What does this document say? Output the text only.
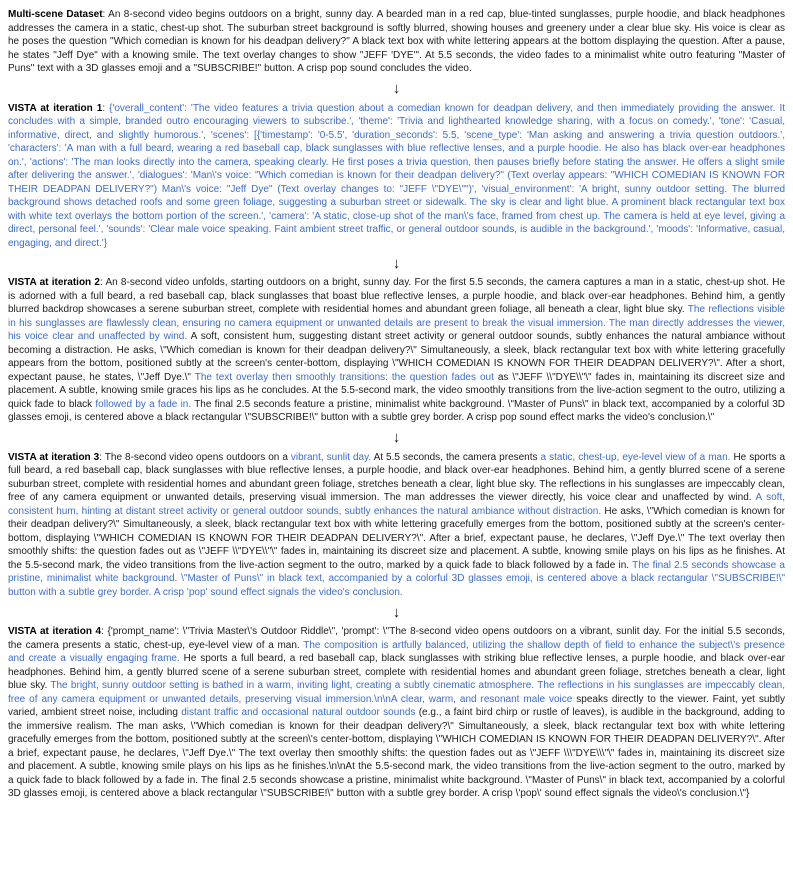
Multi-scene Dataset: An 8-second video begins outdoors on a bright, sunny day. A bearded man in a red cap, blue-tinted sunglasses, purple hoodie, and black headphones addresses the camera in a static, chest-up shot. The suburban street background is softly blurred, showing houses and greenery under a clear blue sky. His voice is clear as he poses the question "Which comedian is known for his deadpan delivery?" A black text box with white lettering appears at the bottom displaying the question. After a pause, he states "Jeff Dye" with a knowing smile. The text overlay changes to show "JEFF 'DYE'". At 5.5 seconds, the video fades to a minimalist white outro featuring "Master of Puns" text with a 3D glasses emoji and a "SUBSCRIBE!" button. A crisp pop sound concludes the video.

↓

VISTA at iteration 1: {'overall_content': 'The video features a trivia question about a comedian known for deadpan delivery, and then immediately providing the answer. It concludes with a simple, branded outro encouraging viewers to subscribe.', 'theme': 'Trivia and lighthearted knowledge sharing, with a focus on comedy.', 'tone': 'Casual, informative, direct, and slightly humorous.', 'scenes': [{'timestamp': '0-5.5', 'duration_seconds': 5.5, 'scene_type': 'Man asking and answering a trivia question outdoors.', 'characters': 'A man with a full beard, wearing a red baseball cap, black sunglasses with blue reflective lenses, and a purple hoodie. He also has black over-ear headphones on.', 'actions': 'The man looks directly into the camera, speaking clearly. He first poses a trivia question, then pauses briefly before stating the answer. He offers a slight smile after delivering the answer.', 'dialogues': 'Man\'s voice: "Which comedian is known for their deadpan delivery?" (Text overlay appears: "WHICH COMEDIAN IS KNOWN FOR THEIR DEADPAN DELIVERY?") Man\'s voice: "Jeff Dye" (Text overlay changes to: "JEFF \"DYE\"")', 'visual_environment': 'A bright, sunny outdoor setting. The blurred background shows detached roofs and some green foliage, suggesting a suburban street or sidewalk. The sky is clear and light blue. A prominent black rectangular text box with white text overlays the bottom portion of the screen.', 'camera': 'A static, close-up shot of the man\'s face, framed from chest up. The camera is held at eye level, giving a direct, personal feel.', 'sounds': 'Clear male voice speaking. Faint ambient street traffic, or general outdoor sounds, is audible in the background.', 'moods': 'Informative, casual, engaging, and direct.'}

↓

VISTA at iteration 2: An 8-second video unfolds, starting outdoors on a bright, sunny day. For the first 5.5 seconds, the camera captures a man in a static, chest-up shot. He is adorned with a full beard, a red baseball cap, black sunglasses that boast blue reflective lenses, a purple hoodie, and black over-ear headphones. Behind him, a gently blurred backdrop showcases a serene suburban street, complete with residential homes and abundant green foliage, all beneath a clear, light blue sky. The reflections visible in his sunglasses are flawlessly clean, ensuring no camera equipment or unwanted details are present to break the visual immersion. The man directly addresses the viewer, his voice clear and unaffected by wind. A soft, consistent hum, suggesting distant street activity or general outdoor sounds, subtly enhances the natural ambiance without becoming a distraction. He asks, \"Which comedian is known for their deadpan delivery?\" Simultaneously, a sleek, black rectangular text box with white lettering gracefully appears from the bottom, positioned subtly at the screen's center-bottom, displaying \"WHICH COMEDIAN IS KNOWN FOR THEIR DEADPAN DELIVERY?\". After a short, expectant pause, he states, \"Jeff Dye.\" The text overlay then smoothly transitions: the question fades out as \"JEFF \\"DYE\\"\" fades in, maintaining its discreet size and placement. A subtle, knowing smile graces his lips as he concludes. At the 5.5-second mark, the video smoothly transitions from the live-action segment to the outro, utilizing a quick fade to black followed by a fade in. The final 2.5 seconds feature a pristine, minimalist white background. \"Master of Puns\" in black text, accompanied by a colorful 3D glasses emoji, is centered above a black rectangular \"SUBSCRIBE!\" button with a subtle grey border. A crisp pop sound effect marks the video's conclusion.\"

↓

VISTA at iteration 3: The 8-second video opens outdoors on a vibrant, sunlit day. At 5.5 seconds, the camera presents a static, chest-up, eye-level view of a man. He sports a full beard, a red baseball cap, black sunglasses with blue reflective lenses, a purple hoodie, and black over-ear headphones. Behind him, a gently blurred scene of a serene suburban street, complete with residential homes and abundant green foliage, stretches beneath a clear, light blue sky. The reflections in his sunglasses are impeccably clean, free of any camera equipment or unwanted details, preserving visual immersion. The man addresses the viewer directly, his voice clear and unaffected by wind. A soft, consistent hum, hinting at distant street activity or general outdoor sounds, subtly enhances the natural ambiance without distraction. He asks, \"Which comedian is known for their deadpan delivery?\" Simultaneously, a sleek, black rectangular text box with white lettering gracefully emerges from the bottom, positioned subtly at the screen's center-bottom, displaying \"WHICH COMEDIAN IS KNOWN FOR THEIR DEADPAN DELIVERY?\". After a brief, expectant pause, he declares, \"Jeff Dye.\" The text overlay then smoothly shifts: the question fades out as \"JEFF \\"DYE\\"\" fades in, maintaining its discreet size and placement. A subtle, knowing smile plays on his lips as he finishes. At the 5.5-second mark, the video transitions from the live-action segment to the outro, marked by a quick fade to black followed by a fade in. The final 2.5 seconds showcase a pristine, minimalist white background. \"Master of Puns\" in black text, accompanied by a colorful 3D glasses emoji, is centered above a black rectangular \"SUBSCRIBE!\" button with a subtle grey border. A crisp 'pop' sound effect signals the video's conclusion.

↓

VISTA at iteration 4: {'prompt_name': \"Trivia Master\'s Outdoor Riddle\", 'prompt': \"The 8-second video opens outdoors on a vibrant, sunlit day. For the initial 5.5 seconds, the camera presents a static, chest-up, eye-level view of a man. The composition is artfully balanced, utilizing the shallow depth of field to enhance the subject\'s presence and create a visually engaging frame. He sports a full beard, a red baseball cap, black sunglasses with striking blue reflective lenses, a purple hoodie, and black over-ear headphones. Behind him, a gently blurred scene of a serene suburban street, complete with residential homes and abundant green foliage, stretches beneath a clear, light blue sky. The bright, sunny outdoor setting is bathed in a warm, inviting light, creating a subtly cinematic atmosphere. The reflections in his sunglasses are impeccably clean, free of any camera equipment or unwanted details, preserving visual immersion.\n\nA clear, warm, and resonant male voice speaks directly to the viewer. Faint, yet subtly varied, ambient street noise, including distant traffic and occasional natural outdoor sounds (e.g., a faint bird chirp or rustle of leaves), is audible in the background, adding to the immersive realism. The man asks, \"Which comedian is known for their deadpan delivery?\" Simultaneously, a sleek, black rectangular text box with white lettering gracefully emerges from the bottom, positioned subtly at the screen\'s center-bottom, displaying \"WHICH COMEDIAN IS KNOWN FOR THEIR DEADPAN DELIVERY?\". After a brief, expectant pause, he declares, \"Jeff Dye.\" The text overlay then smoothly shifts: the question fades out as \"JEFF \\\"DYE\\\"\" fades in, maintaining its discreet size and placement. A subtle, knowing smile plays on his lips as he finishes.\n\nAt the 5.5-second mark, the video transitions from the live-action segment to the outro, marked by a quick fade to black followed by a fade in. The final 2.5 seconds showcase a pristine, minimalist white background. \"Master of Puns\" in black text, accompanied by a colorful 3D glasses emoji, is centered above a black rectangular \"SUBSCRIBE!\" button with a subtle grey border. A crisp \'pop\' sound effect signals the video\'s conclusion.\"}
